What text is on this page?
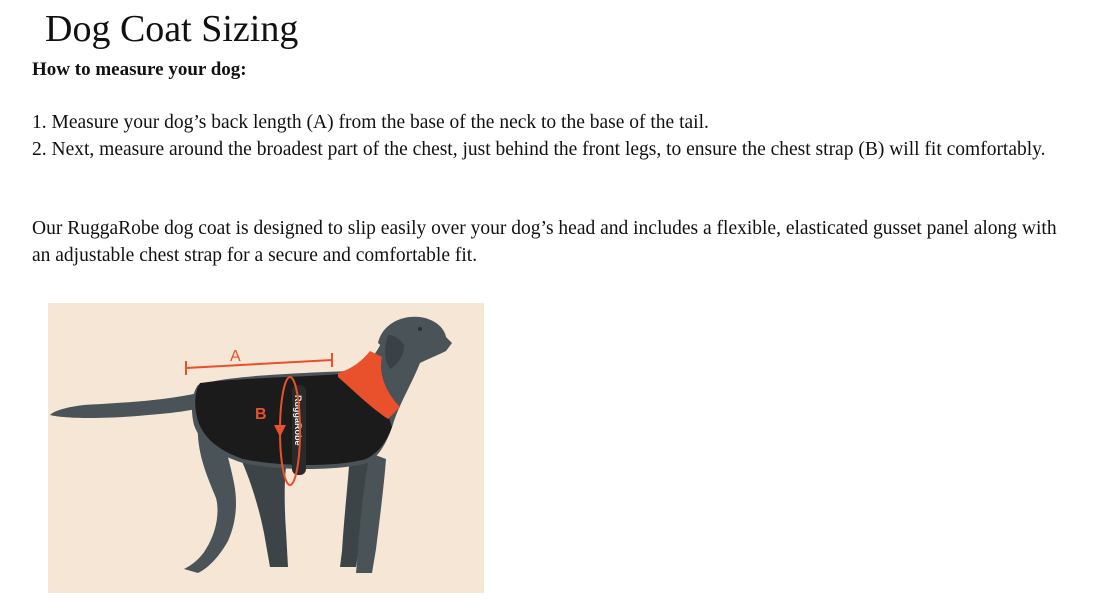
Dog Coat Sizing
How to measure your dog:

1. Measure your dog’s back length (A) from the base of the neck to the base of the tail.
2. Next, measure around the broadest part of the chest, just behind the front legs, to ensure the chest strap (B) will fit comfortably.

Our RuggaRobe dog coat is designed to slip easily over your dog’s head and includes a flexible, elasticated gusset panel along with an adjustable chest strap for a secure and comfortable fit.

RuggaRobe
B
A
